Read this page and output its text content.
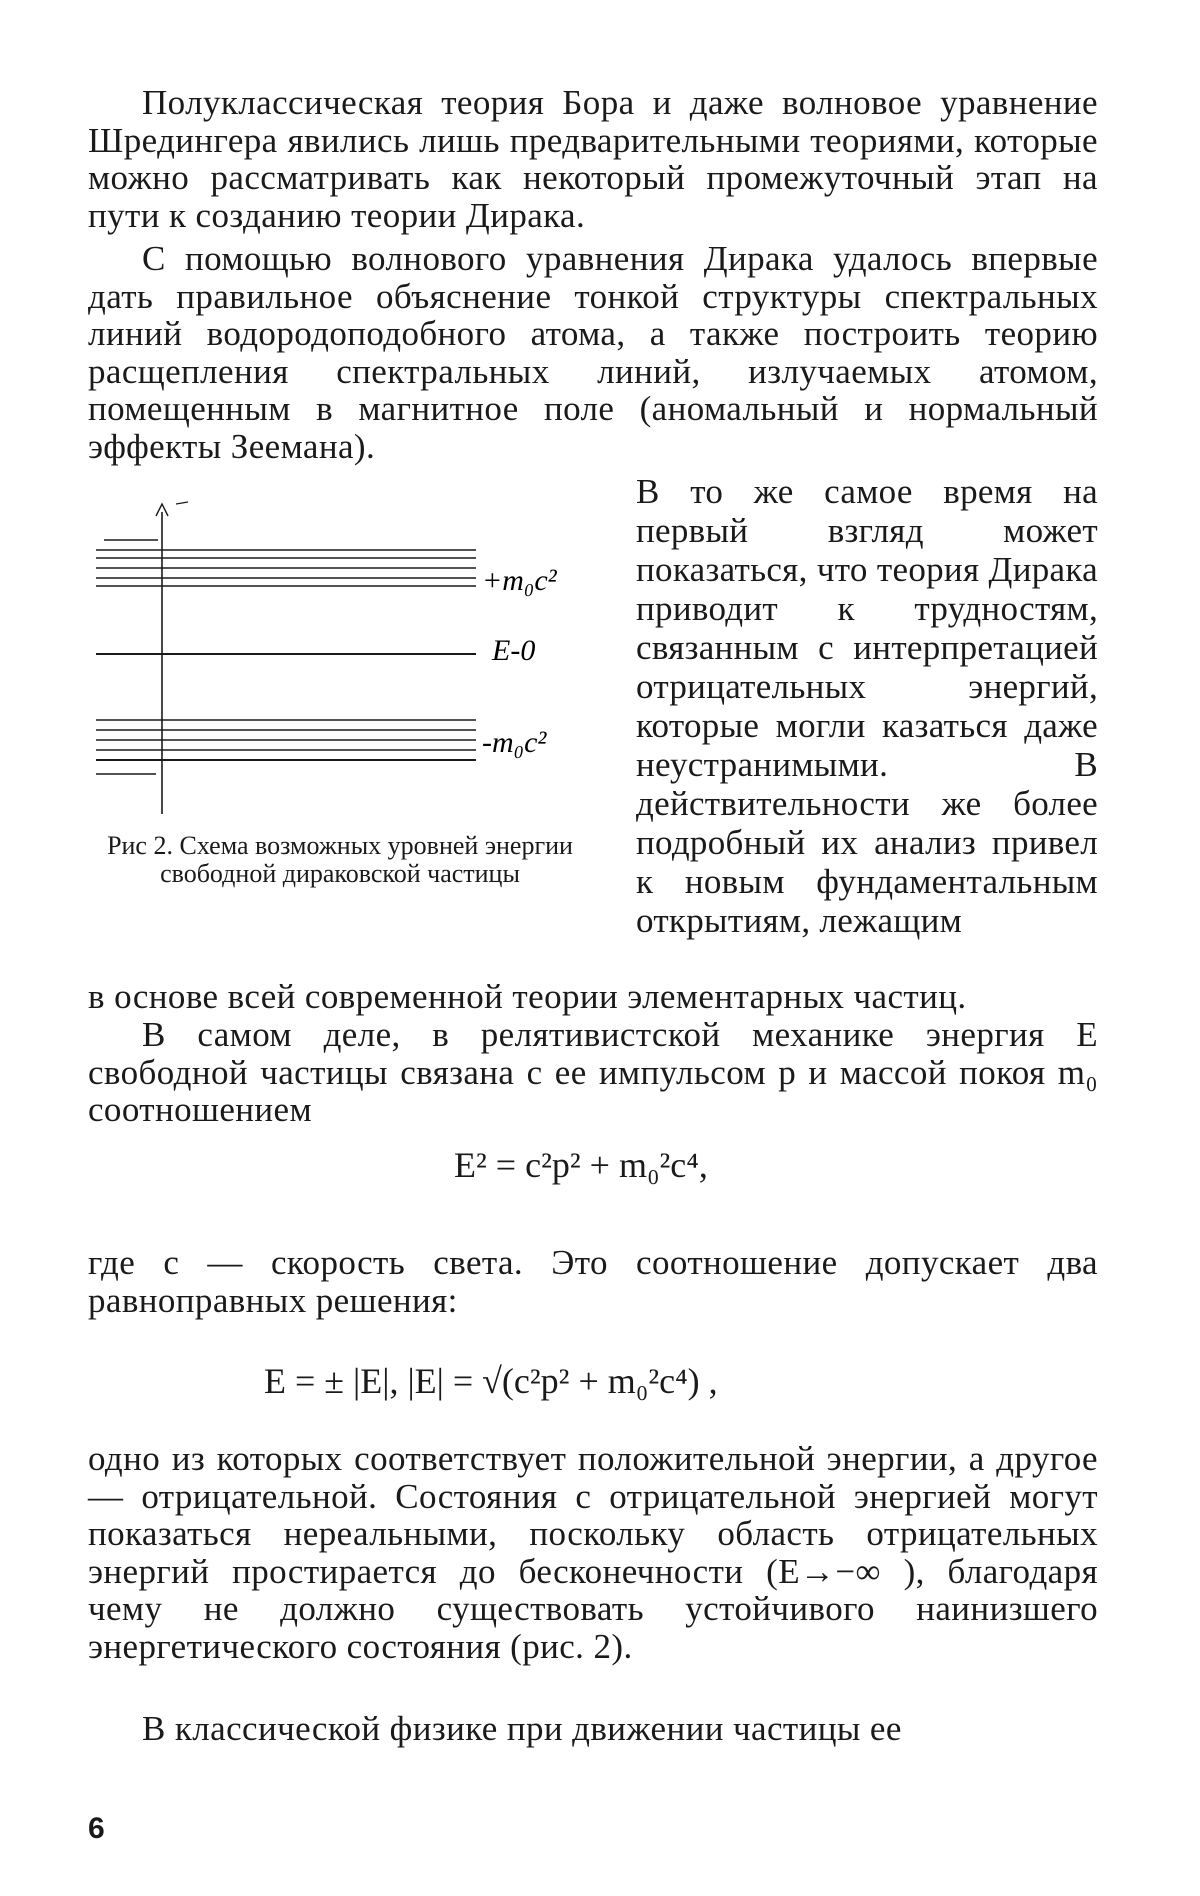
Полуклассическая теория Бора и даже волновое уравнение Шредингера явились лишь предварительными теориями, которые можно рассматривать как некоторый промежуточный этап на пути к созданию теории Дирака.

С помощью волнового уравнения Дирака удалось впервые дать правильное объяснение тонкой структуры спектральных линий водородоподобного атома, а также построить теорию расщепления спектральных линий, излучаемых атомом, помещенным в магнитное поле (аномальный и нормальный эффекты Зеемана).

+m₀c²
E-0
-m₀c²

Рис 2. Схема возможных уровней энергии свободной дираковской частицы

В то же самое время на первый взгляд может показаться, что теория Дирака приводит к трудностям, связанным с интерпретацией отрицательных энергий, которые могли казаться даже неустранимыми. В действительности же более подробный их анализ привел к новым фундаментальным открытиям, лежащим

в основе всей современной теории элементарных частиц.

В самом деле, в релятивистской механике энергия E свободной частицы связана с ее импульсом p и массой покоя m₀ соотношением

E² = c²p² + m₀²c⁴,

где c — скорость света. Это соотношение допускает два равноправных решения:

E = ± |E|, |E| = √(c²p² + m₀²c⁴) ,

одно из которых соответствует положительной энергии, а другое — отрицательной. Состояния с отрицательной энергией могут показаться нереальными, поскольку область отрицательных энергий простирается до бесконечности (E→−∞ ), благодаря чему не должно существовать устойчивого наинизшего энергетического состояния (рис. 2).

В классической физике при движении частицы ее

6
